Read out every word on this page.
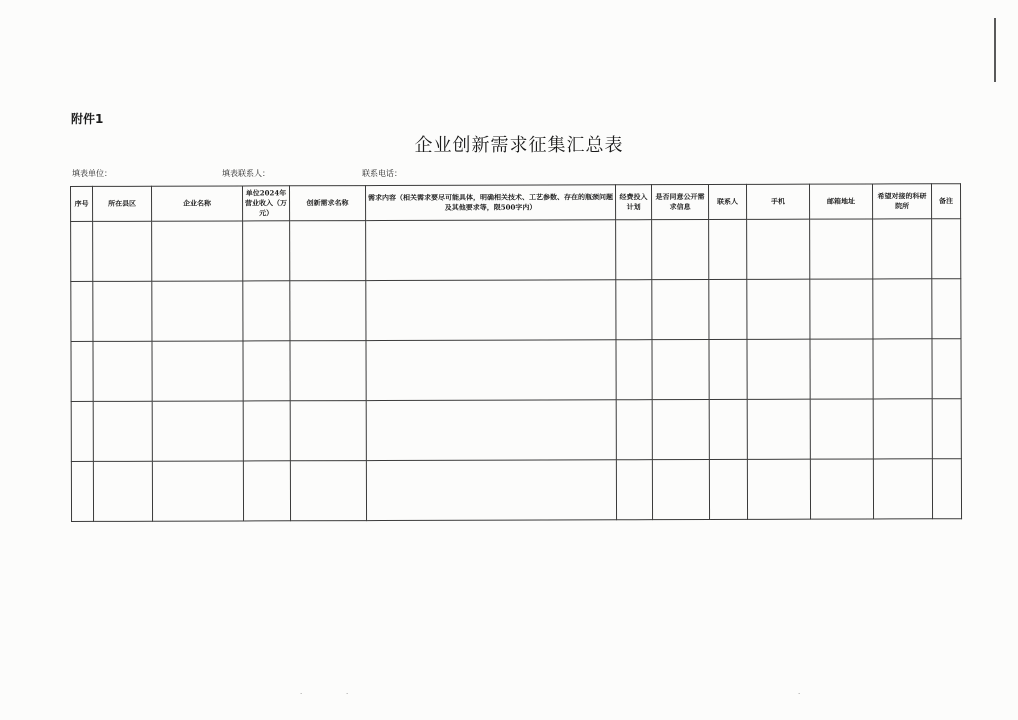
附件1
企业创新需求征集汇总表
填表单位：	填表联系人：	联系电话：
序号	所在县区	企业名称	单位2024年营业收入（万元）	创新需求名称	需求内容（相关需求要尽可能具体，明确相关技术、工艺参数、存在的瓶颈问题及其他要求等，限500字内）	经费投入计划	是否同意公开需求信息	联系人	手机	邮箱地址	希望对接的科研院所	备注

·	·	·
